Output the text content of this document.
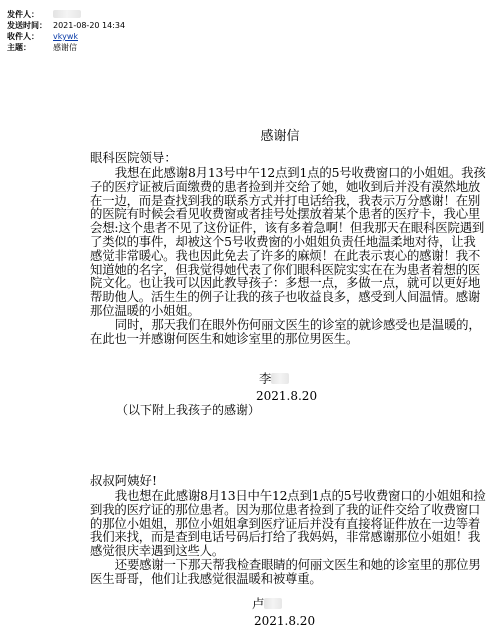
发件人：
发送时间： 2021-08-20 14:34
收件人：	vkywk
主题：	感谢信
感谢信
眼科医院领导：

我想在此感谢8月13号中午12点到1点的5号收费窗口的小姐姐。我孩子的医疗证被后面缴费的患者捡到并交给了她，她收到后并没有漠然地放在一边，而是查找到我的联系方式并打电话给我，我表示万分感谢！在别的医院有时候会看见收费窗或者挂号处摆放着某个患者的医疗卡，我心里会想:这个患者不见了这份证件，该有多着急啊！但我那天在眼科医院遇到了类似的事件，却被这个5号收费窗的小姐姐负责任地温柔地对待，让我感觉非常暖心。我也因此免去了许多的麻烦！在此表示衷心的感谢！我不知道她的名字，但我觉得她代表了你们眼科医院实实在在为患者着想的医院文化。也让我可以因此教导孩子：多想一点，多做一点，就可以更好地帮助他人。活生生的例子让我的孩子也收益良多，感受到人间温情。感谢那位温暖的小姐姐。

同时，那天我们在眼外伤何丽文医生的诊室的就诊感受也是温暖的，在此也一并感谢何医生和她诊室里的那位男医生。

李
2021.8.20
（以下附上我孩子的感谢）
叔叔阿姨好!

我也想在此感谢8月13日中午12点到1点的5号收费窗口的小姐姐和捡到我的医疗证的那位患者。因为那位患者捡到了我的证件交给了收费窗口的那位小姐姐，那位小姐姐拿到医疗证后并没有直接将证件放在一边等着我们来找，而是查到电话号码后打给了我妈妈，非常感谢那位小姐姐！我感觉很庆幸遇到这些人。

还要感谢一下那天帮我检查眼睛的何丽文医生和她的诊室里的那位男医生哥哥，他们让我感觉很温暖和被尊重。

卢
2021.8.20
